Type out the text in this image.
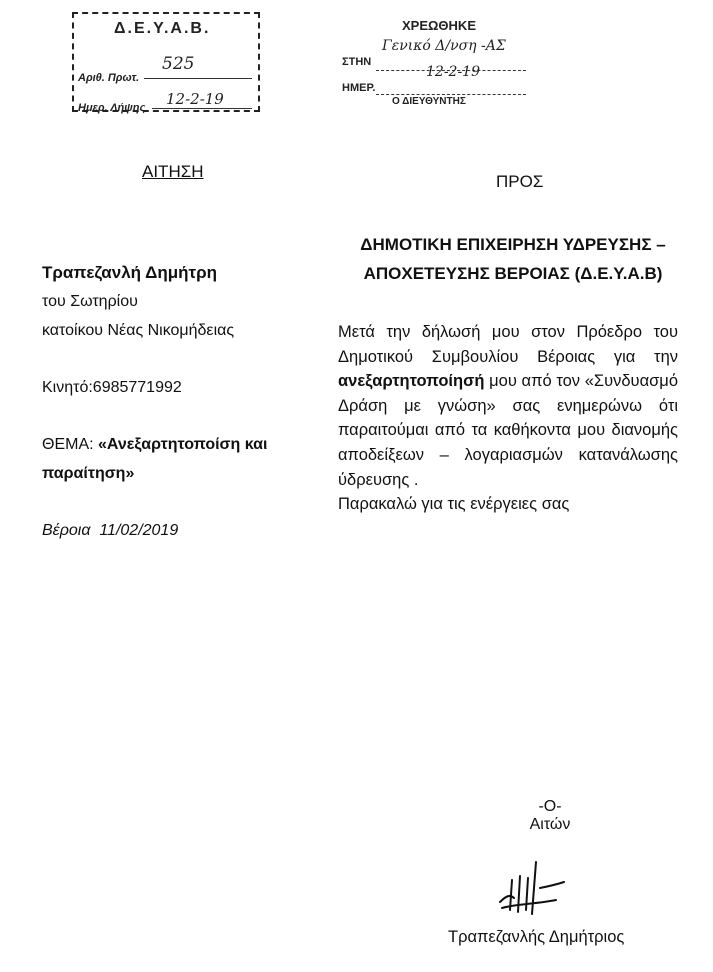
Δ.Ε.Υ.Α.Β.
Αριθ. Πρωτ.
525
Ημερ. Λήψης 12-2-19
ΧΡΕΩΘΗΚΕ
ΣΤΗΝ
Γενικό Δ/νση -ΑΣ
ΗΜΕΡ.
12-2-19
Ο ΔΙΕΥΘΥΝΤΗΣ
ΑΙΤΗΣΗ
ΠΡΟΣ
Τραπεζανλή Δημήτρη
του Σωτηρίου
κατοίκου Νέας Νικομήδειας
Κινητό:6985771992
ΘΕΜΑ: «Ανεξαρτητοποίση και
παραίτηση»
Βέροια  11/02/2019
ΔΗΜΟΤΙΚΗ ΕΠΙΧΕΙΡΗΣΗ ΥΔΡΕΥΣΗΣ –
ΑΠΟΧΕΤΕΥΣΗΣ ΒΕΡΟΙΑΣ (Δ.Ε.Υ.Α.Β)
Μετά την δήλωσή μου στον Πρόεδρο του Δημοτικού Συμβουλίου Βέροιας για την ανεξαρτητοποίησή μου από τον «Συνδυασμό Δράση με γνώση» σας ενημερώνω ότι παραιτούμαι από τα καθήκοντα μου διανομής αποδείξεων – λογαριασμών κατανάλωσης ύδρευσης .
Παρακαλώ για τις ενέργειες σας
-Ο-
Αιτών
Τραπεζανλής Δημήτριος
